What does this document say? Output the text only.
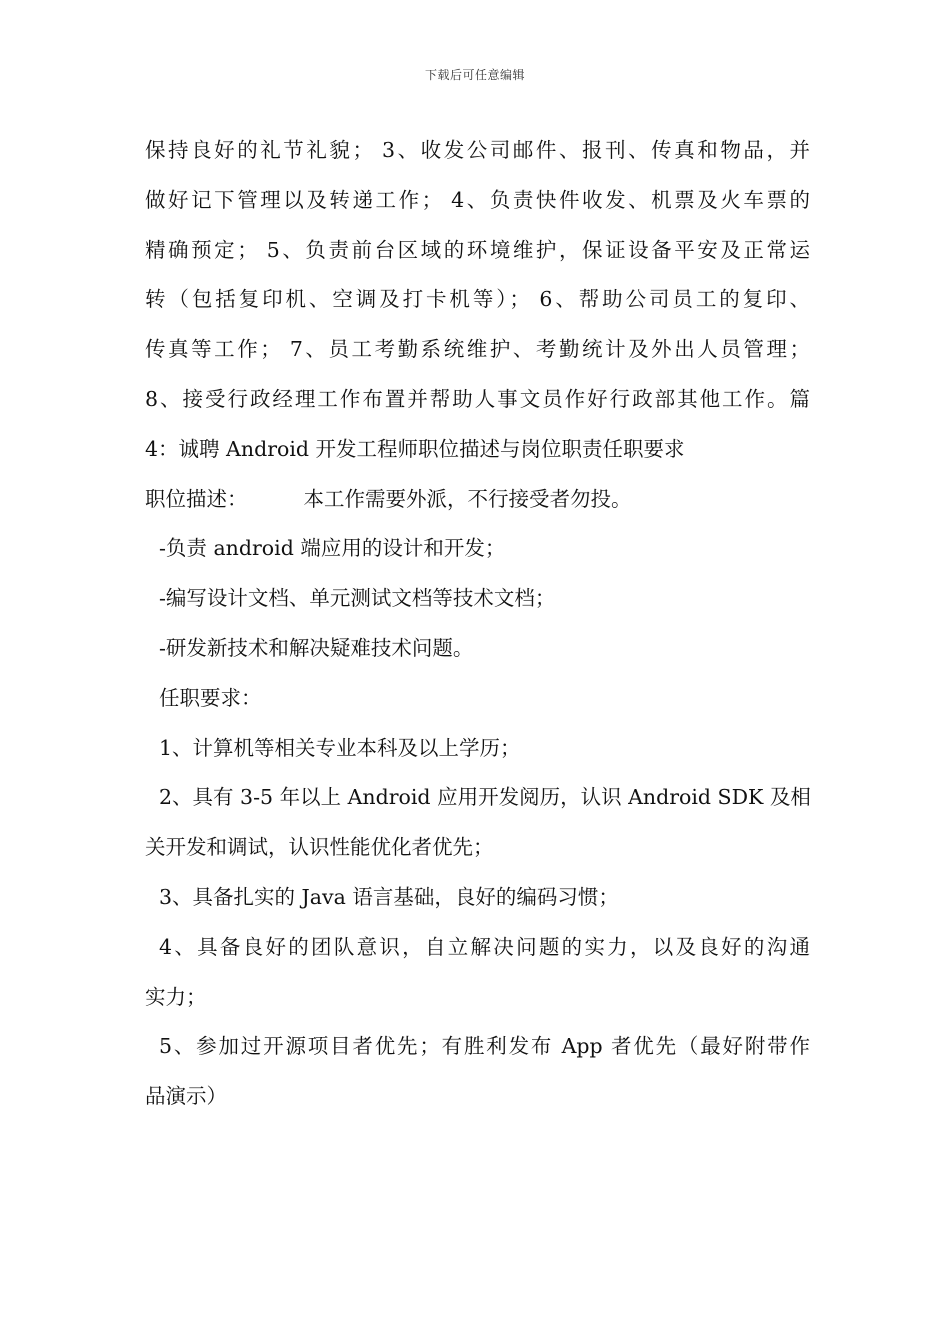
下载后可任意编辑
保持良好的礼节礼貌； 3、收发公司邮件、报刊、传真和物品，并
做好记下管理以及转递工作； 4、负责快件收发、机票及火车票的
精确预定； 5、负责前台区域的环境维护，保证设备平安及正常运
转（包括复印机、空调及打卡机等）； 6、帮助公司员工的复印、
传真等工作； 7、员工考勤系统维护、考勤统计及外出人员管理；
8、接受行政经理工作布置并帮助人事文员作好行政部其他工作。篇
4：诚聘 Android 开发工程师职位描述与岗位职责任职要求
职位描述：	本工作需要外派，不行接受者勿投。
-负责 android 端应用的设计和开发；
-编写设计文档、单元测试文档等技术文档；
-研发新技术和解决疑难技术问题。
任职要求：
1、计算机等相关专业本科及以上学历；
2、具有 3-5 年以上 Android 应用开发阅历，认识 Android SDK 及相
关开发和调试，认识性能优化者优先；
3、具备扎实的 Java 语言基础，良好的编码习惯；
4、具备良好的团队意识，自立解决问题的实力，以及良好的沟通
实力；
5、参加过开源项目者优先；有胜利发布 App 者优先（最好附带作
品演示）
